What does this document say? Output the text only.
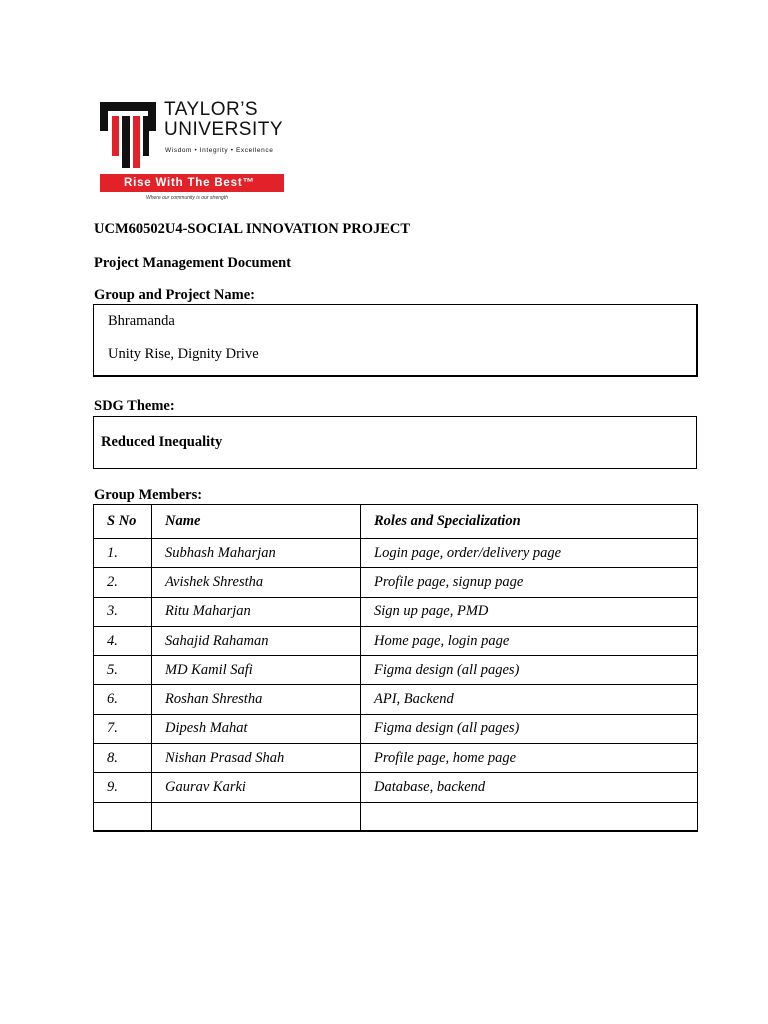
TAYLOR’S
UNIVERSITY
Wisdom • Integrity • Excellence
Rise With The Best™
Where our community is our strength
UCM60502U4-SOCIAL INNOVATION PROJECT
Project Management Document
Group and Project Name:
Bhramanda
Unity Rise, Dignity Drive
SDG Theme:
Reduced Inequality
Group Members:
S No	Name	Roles and Specialization
1.	Subhash Maharjan	Login page, order/delivery page
2.	Avishek Shrestha	Profile page, signup page
3.	Ritu Maharjan	Sign up page, PMD
4.	Sahajid Rahaman	Home page, login page
5.	MD Kamil Safi	Figma design (all pages)
6.	Roshan Shrestha	API, Backend
7.	Dipesh Mahat	Figma design (all pages)
8.	Nishan Prasad Shah	Profile page, home page
9.	Gaurav Karki	Database, backend
